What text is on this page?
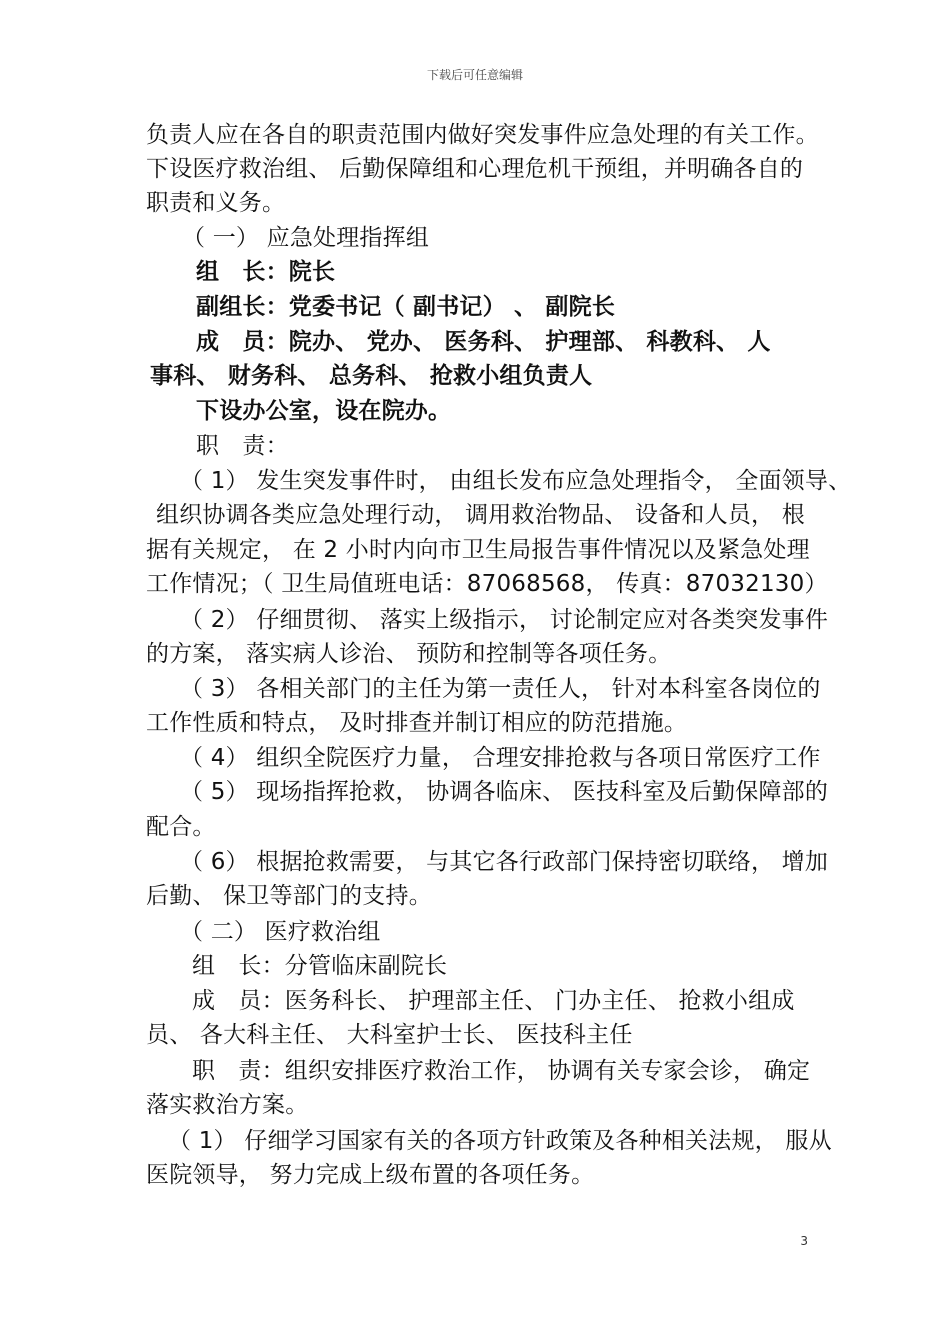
下载后可任意编辑
负责人应在各自的职责范围内做好突发事件应急处理的有关工作。
下设医疗救治组、 后勤保障组和心理危机干预组，并明确各自的
职责和义务。
（ 一） 应急处理指挥组
组　长：院长
副组长：党委书记（ 副书记） 、 副院长
成　员：院办、 党办、 医务科、 护理部、 科教科、 人
事科、 财务科、 总务科、 抢救小组负责人
下设办公室，设在院办。
职　责：
（ 1） 发生突发事件时， 由组长发布应急处理指令， 全面领导、
组织协调各类应急处理行动， 调用救治物品、 设备和人员， 根
据有关规定， 在 2 小时内向市卫生局报告事件情况以及紧急处理
工作情况；（ 卫生局值班电话：87068568， 传真：87032130）
（ 2） 仔细贯彻、 落实上级指示， 讨论制定应对各类突发事件
的方案， 落实病人诊治、 预防和控制等各项任务。
（ 3） 各相关部门的主任为第一责任人， 针对本科室各岗位的
工作性质和特点， 及时排查并制订相应的防范措施。
（ 4） 组织全院医疗力量， 合理安排抢救与各项日常医疗工作
（ 5） 现场指挥抢救， 协调各临床、 医技科室及后勤保障部的
配合。
（ 6） 根据抢救需要， 与其它各行政部门保持密切联络， 增加
后勤、 保卫等部门的支持。
（ 二） 医疗救治组
组　长：分管临床副院长
成　员：医务科长、 护理部主任、 门办主任、 抢救小组成
员、 各大科主任、 大科室护士长、 医技科主任
职　责：组织安排医疗救治工作， 协调有关专家会诊， 确定
落实救治方案。
（ 1） 仔细学习国家有关的各项方针政策及各种相关法规， 服从
医院领导， 努力完成上级布置的各项任务。
3
